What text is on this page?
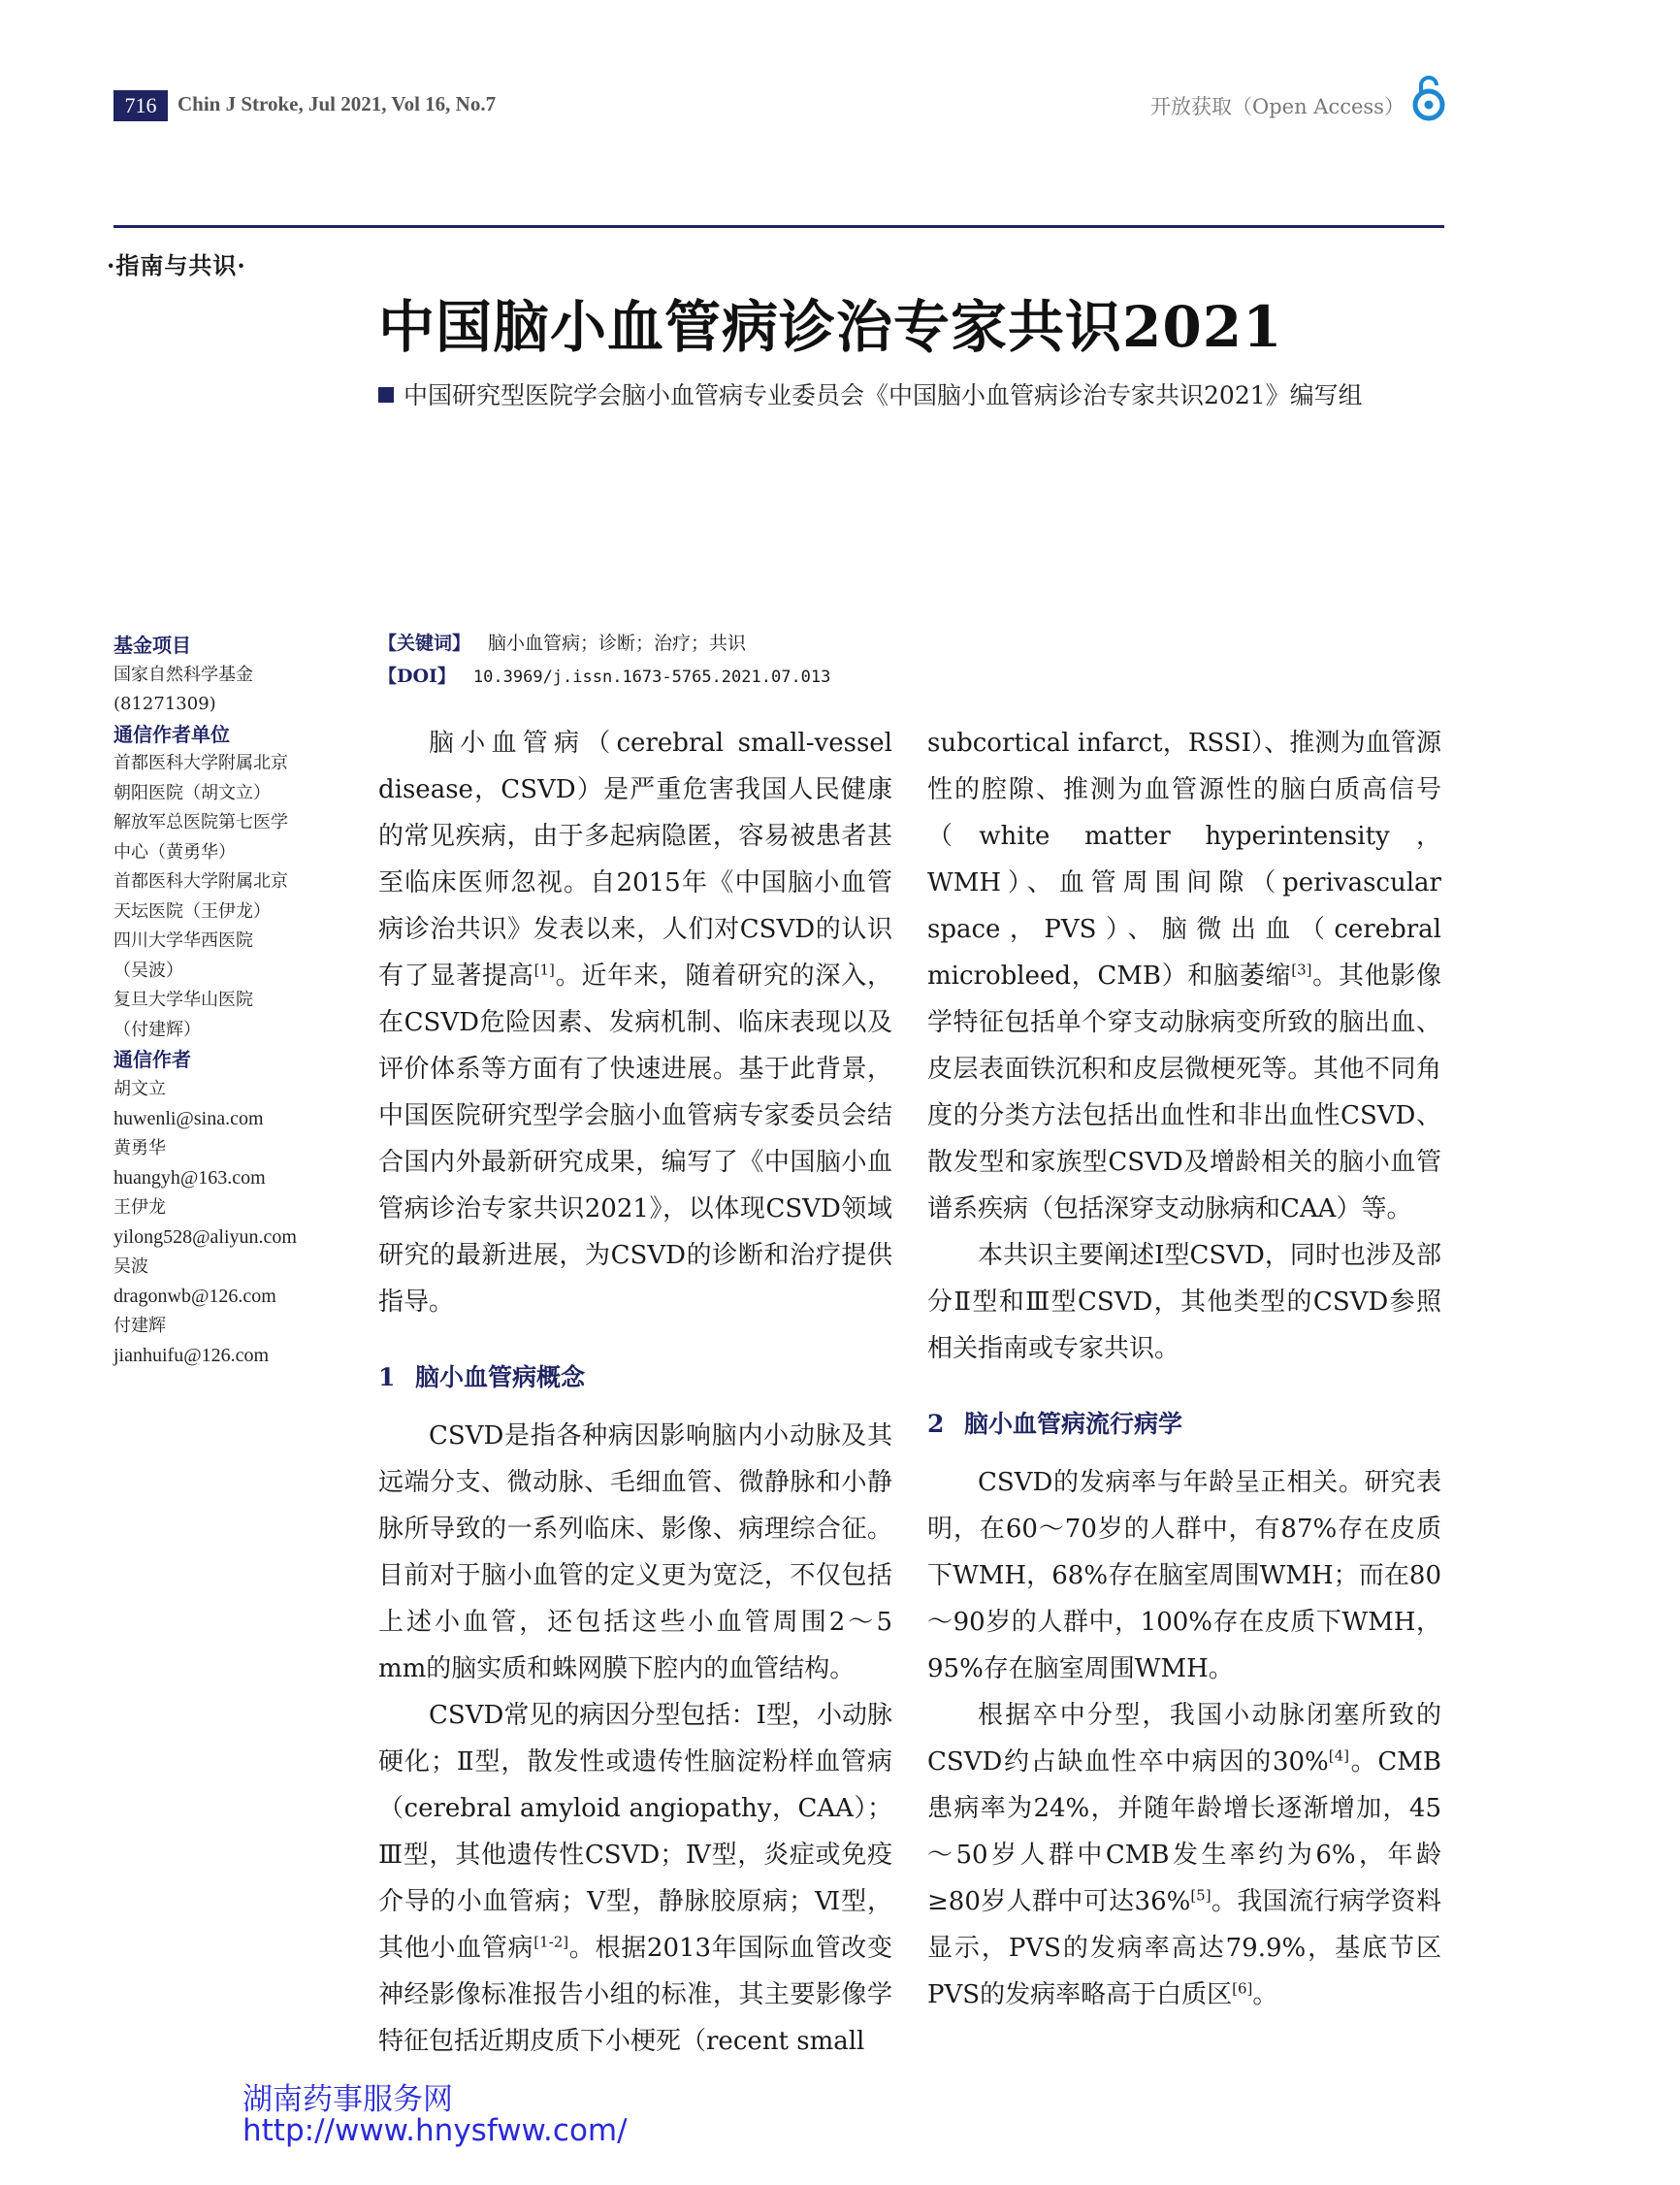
716	Chin J Stroke, Jul 2021, Vol 16, No.7	开放获取（Open Access）
·指南与共识·
中国脑小血管病诊治专家共识2021
中国研究型医院学会脑小血管病专业委员会《中国脑小血管病诊治专家共识2021》编写组
基金项目
国家自然科学基金
(81271309)
通信作者单位
首都医科大学附属北京
朝阳医院（胡文立）
解放军总医院第七医学
中心（黄勇华）
首都医科大学附属北京
天坛医院（王伊龙）
四川大学华西医院
（吴波）
复旦大学华山医院
（付建辉）
通信作者
胡文立
huwenli@sina.com
黄勇华
huangyh@163.com
王伊龙
yilong528@aliyun.com
吴波
dragonwb@126.com
付建辉
jianhuifu@126.com
【关键词】 脑小血管病；诊断；治疗；共识
【DOI】 10.3969/j.issn.1673-5765.2021.07.013

脑小血管病（cerebral small-vessel disease，CSVD）是严重危害我国人民健康的常见疾病，由于多起病隐匿，容易被患者甚至临床医师忽视。自2015年《中国脑小血管病诊治共识》发表以来，人们对CSVD的认识有了显著提高[1]。近年来，随着研究的深入，在CSVD危险因素、发病机制、临床表现以及评价体系等方面有了快速进展。基于此背景，中国医院研究型学会脑小血管病专家委员会结合国内外最新研究成果，编写了《中国脑小血管病诊治专家共识2021》，以体现CSVD领域研究的最新进展，为CSVD的诊断和治疗提供指导。

1 脑小血管病概念

CSVD是指各种病因影响脑内小动脉及其远端分支、微动脉、毛细血管、微静脉和小静脉所导致的一系列临床、影像、病理综合征。目前对于脑小血管的定义更为宽泛，不仅包括上述小血管，还包括这些小血管周围2～5 mm的脑实质和蛛网膜下腔内的血管结构。

CSVD常见的病因分型包括：Ⅰ型，小动脉硬化；Ⅱ型，散发性或遗传性脑淀粉样血管病（cerebral amyloid angiopathy，CAA）；Ⅲ型，其他遗传性CSVD；Ⅳ型，炎症或免疫介导的小血管病；Ⅴ型，静脉胶原病；Ⅵ型，其他小血管病[1-2]。根据2013年国际血管改变神经影像标准报告小组的标准，其主要影像学特征包括近期皮质下小梗死（recent small

subcortical infarct，RSSI）、推测为血管源性的腔隙、推测为血管源性的脑白质高信号（white matter hyperintensity，WMH）、血管周围间隙（perivascular space，PVS）、脑微出血（cerebral microbleed，CMB）和脑萎缩[3]。其他影像学特征包括单个穿支动脉病变所致的脑出血、皮层表面铁沉积和皮层微梗死等。其他不同角度的分类方法包括出血性和非出血性CSVD、散发型和家族型CSVD及增龄相关的脑小血管谱系疾病（包括深穿支动脉病和CAA）等。

本共识主要阐述Ⅰ型CSVD，同时也涉及部分Ⅱ型和Ⅲ型CSVD，其他类型的CSVD参照相关指南或专家共识。

2 脑小血管病流行病学

CSVD的发病率与年龄呈正相关。研究表明，在60～70岁的人群中，有87%存在皮质下WMH，68%存在脑室周围WMH；而在80～90岁的人群中，100%存在皮质下WMH，95%存在脑室周围WMH。

根据卒中分型，我国小动脉闭塞所致的CSVD约占缺血性卒中病因的30%[4]。CMB患病率为24%，并随年龄增长逐渐增加，45～50岁人群中CMB发生率约为6%，年龄≥80岁人群中可达36%[5]。我国流行病学资料显示，PVS的发病率高达79.9%，基底节区PVS的发病率略高于白质区[6]。

湖南药事服务网
http://www.hnysfww.com/
